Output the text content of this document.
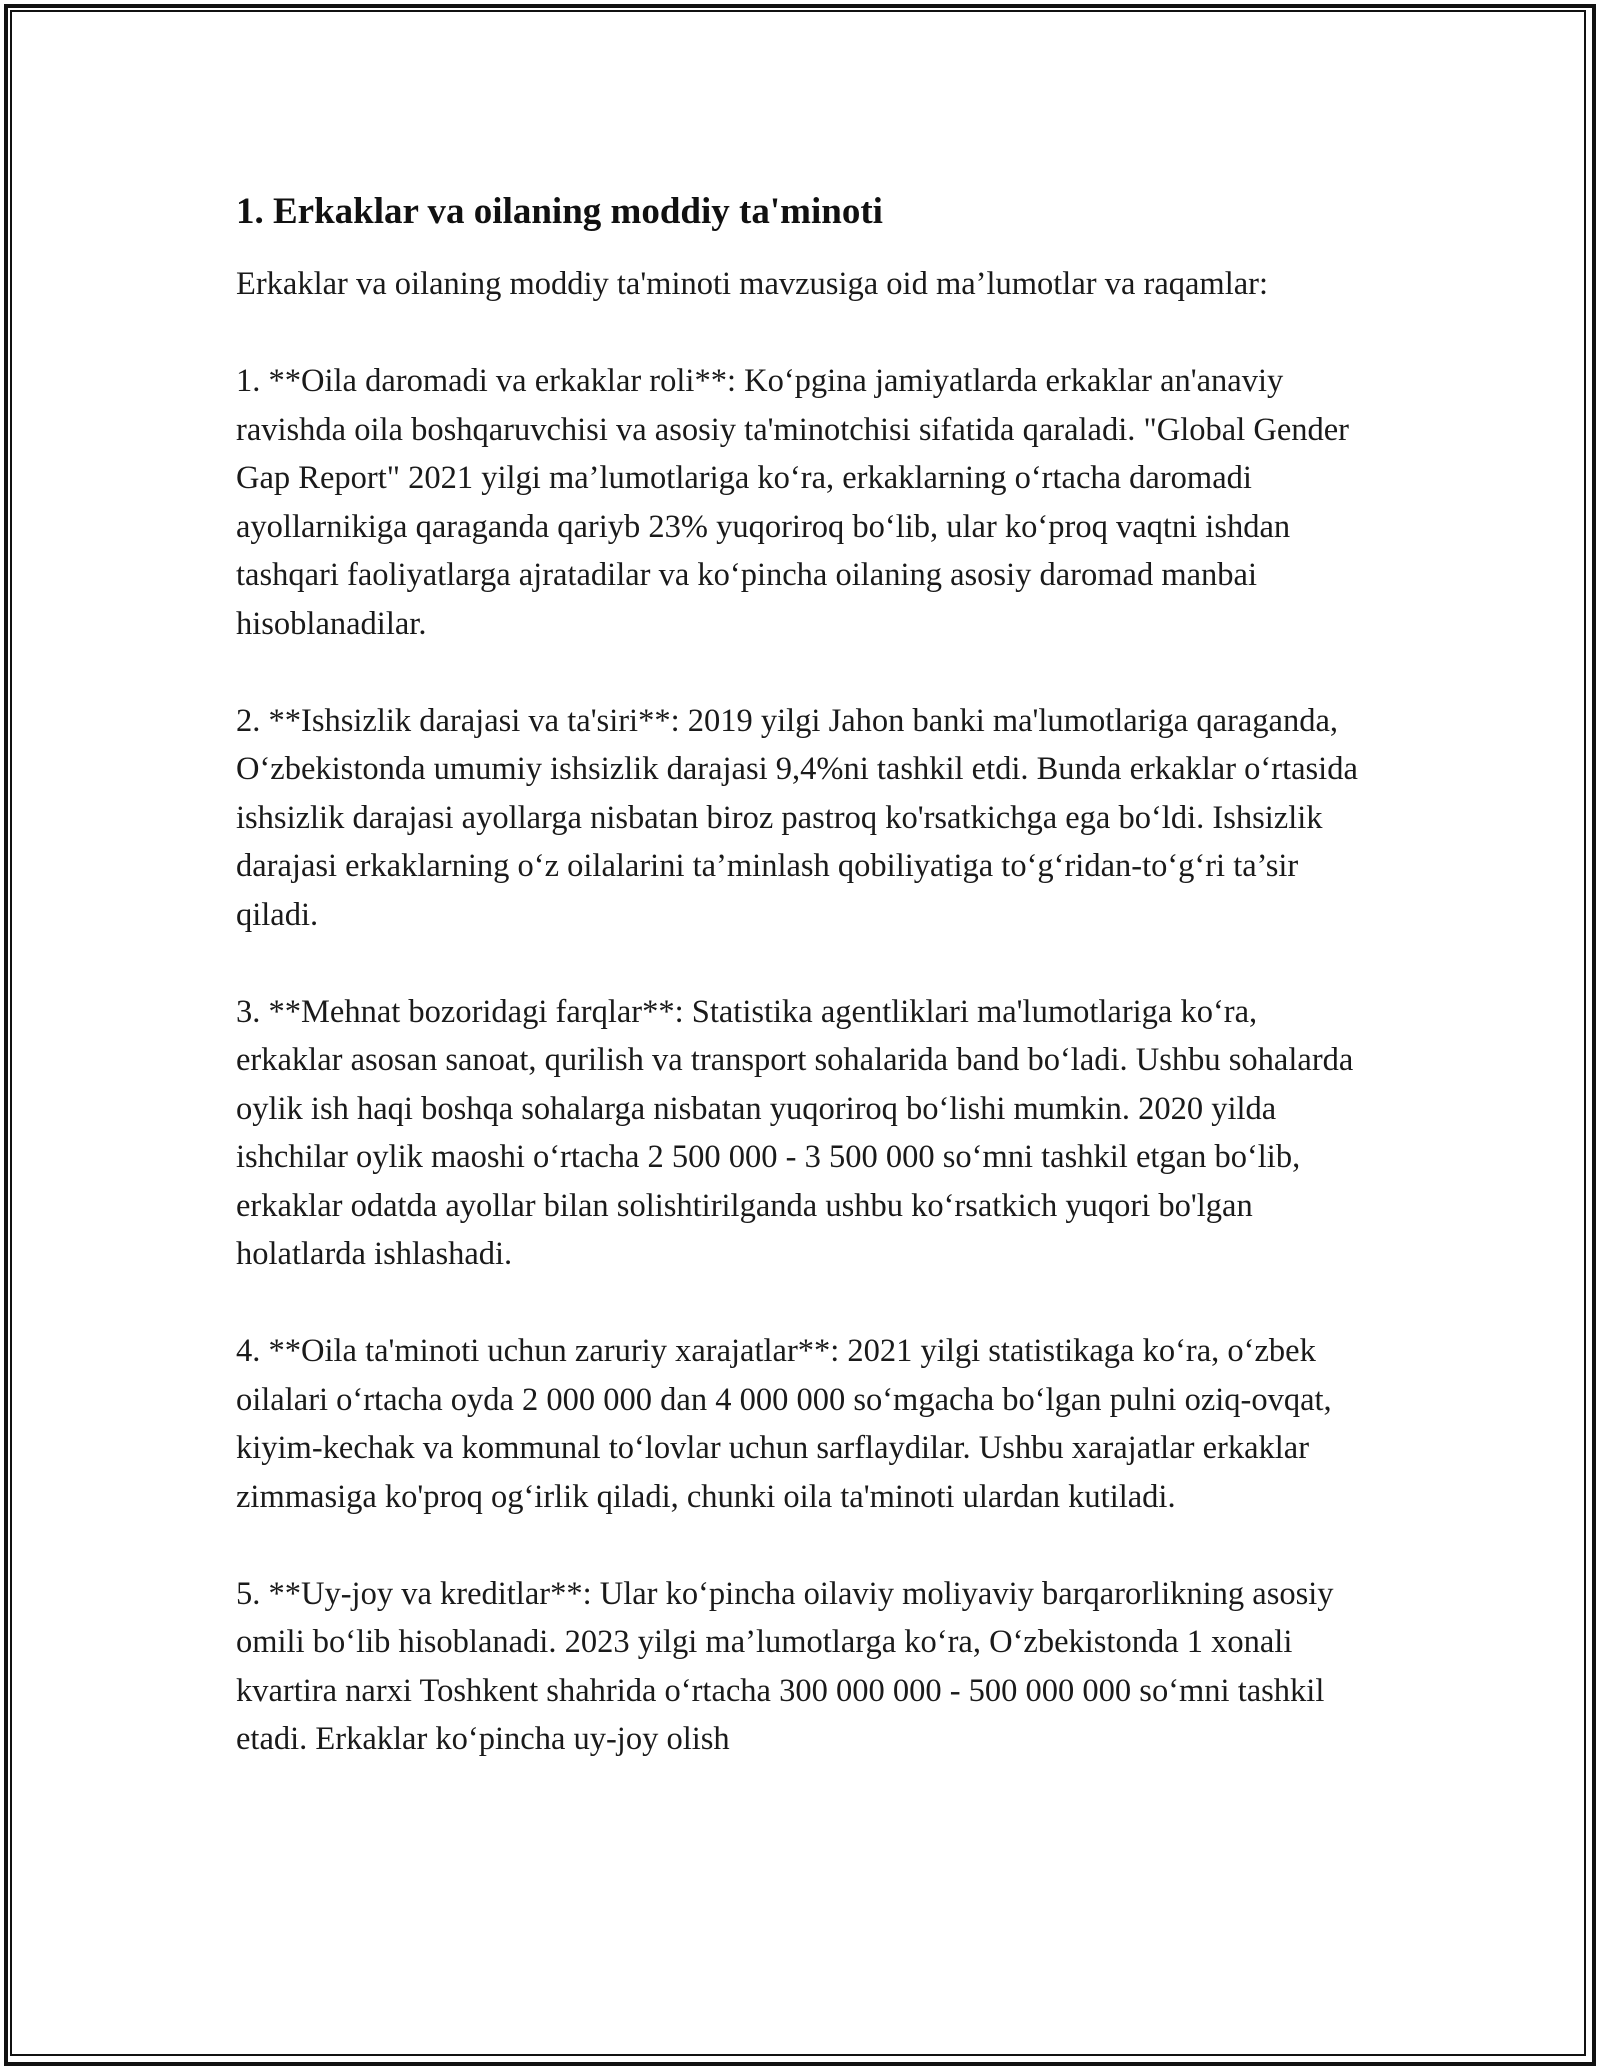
1. Erkaklar va oilaning moddiy ta'minoti

Erkaklar va oilaning moddiy ta'minoti mavzusiga oid ma’lumotlar va raqamlar:

1. **Oila daromadi va erkaklar roli**: Ko‘pgina jamiyatlarda erkaklar an'anaviy ravishda oila boshqaruvchisi va asosiy ta'minotchisi sifatida qaraladi. "Global Gender Gap Report" 2021 yilgi ma’lumotlariga ko‘ra, erkaklarning o‘rtacha daromadi ayollarnikiga qaraganda qariyb 23% yuqoriroq bo‘lib, ular ko‘proq vaqtni ishdan tashqari faoliyatlarga ajratadilar va ko‘pincha oilaning asosiy daromad manbai hisoblanadilar.

2. **Ishsizlik darajasi va ta'siri**: 2019 yilgi Jahon banki ma'lumotlariga qaraganda, O‘zbekistonda umumiy ishsizlik darajasi 9,4%ni tashkil etdi. Bunda erkaklar o‘rtasida ishsizlik darajasi ayollarga nisbatan biroz pastroq ko'rsatkichga ega bo‘ldi. Ishsizlik darajasi erkaklarning o‘z oilalarini ta’minlash qobiliyatiga to‘g‘ridan-to‘g‘ri ta’sir qiladi.

3. **Mehnat bozoridagi farqlar**: Statistika agentliklari ma'lumotlariga ko‘ra, erkaklar asosan sanoat, qurilish va transport sohalarida band bo‘ladi. Ushbu sohalarda oylik ish haqi boshqa sohalarga nisbatan yuqoriroq bo‘lishi mumkin. 2020 yilda ishchilar oylik maoshi o‘rtacha 2 500 000 - 3 500 000 so‘mni tashkil etgan bo‘lib, erkaklar odatda ayollar bilan solishtirilganda ushbu ko‘rsatkich yuqori bo'lgan holatlarda ishlashadi.

4. **Oila ta'minoti uchun zaruriy xarajatlar**: 2021 yilgi statistikaga ko‘ra, o‘zbek oilalari o‘rtacha oyda 2 000 000 dan 4 000 000 so‘mgacha bo‘lgan pulni oziq-ovqat, kiyim-kechak va kommunal to‘lovlar uchun sarflaydilar. Ushbu xarajatlar erkaklar zimmasiga ko'proq og‘irlik qiladi, chunki oila ta'minoti ulardan kutiladi.

5. **Uy-joy va kreditlar**: Ular ko‘pincha oilaviy moliyaviy barqarorlikning asosiy omili bo‘lib hisoblanadi. 2023 yilgi ma’lumotlarga ko‘ra, O‘zbekistonda 1 xonali kvartira narxi Toshkent shahrida o‘rtacha 300 000 000 - 500 000 000 so‘mni tashkil etadi. Erkaklar ko‘pincha uy-joy olish
